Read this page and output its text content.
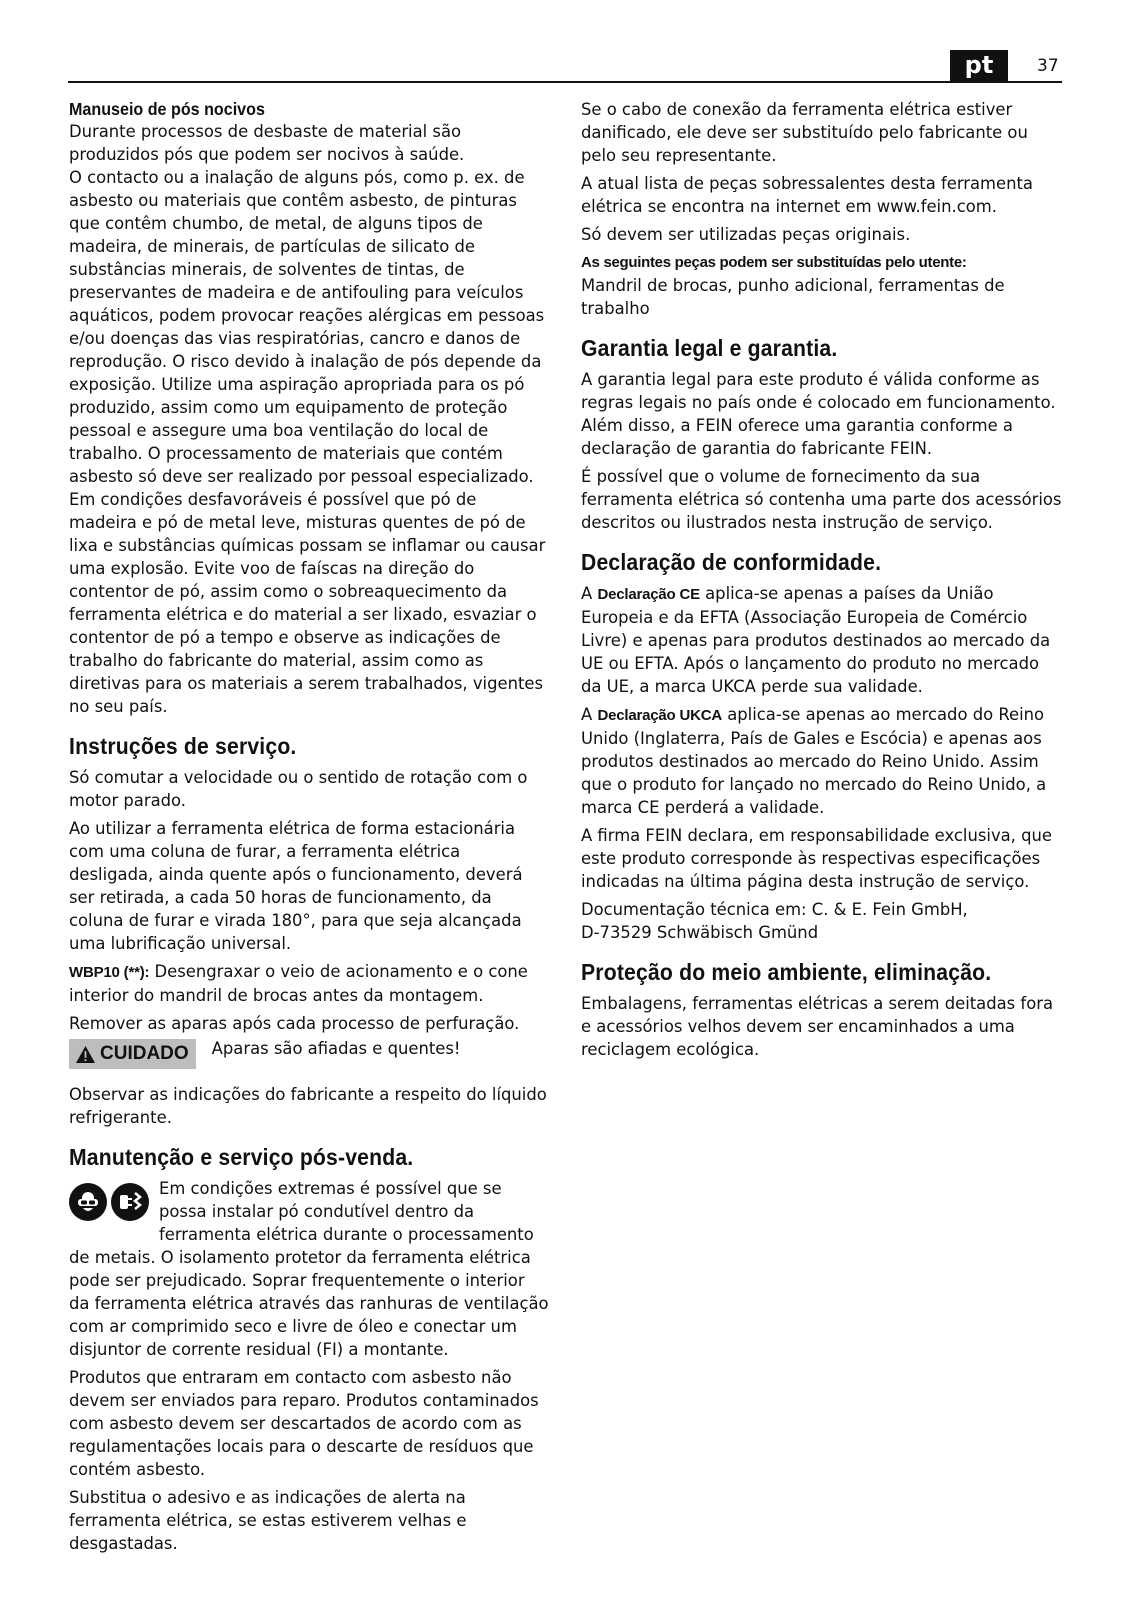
pt	37
Manuseio de pós nocivos

Durante processos de desbaste de material são produzidos pós que podem ser nocivos à saúde.

O contacto ou a inalação de alguns pós, como p. ex. de asbesto ou materiais que contêm asbesto, de pinturas que contêm chumbo, de metal, de alguns tipos de madeira, de minerais, de partículas de silicato de substâncias minerais, de solventes de tintas, de preservantes de madeira e de antifouling para veículos aquáticos, podem provocar reações alérgicas em pessoas e/ou doenças das vias respiratórias, cancro e danos de reprodução. O risco devido à inalação de pós depende da exposição. Utilize uma aspiração apropriada para os pó produzido, assim como um equipamento de proteção pessoal e assegure uma boa ventilação do local de trabalho. O processamento de materiais que contém asbesto só deve ser realizado por pessoal especializado. Em condições desfavoráveis é possível que pó de madeira e pó de metal leve, misturas quentes de pó de lixa e substâncias químicas possam se inflamar ou causar uma explosão. Evite voo de faíscas na direção do contentor de pó, assim como o sobreaquecimento da ferramenta elétrica e do material a ser lixado, esvaziar o contentor de pó a tempo e observe as indicações de trabalho do fabricante do material, assim como as diretivas para os materiais a serem trabalhados, vigentes no seu país.

Instruções de serviço.

Só comutar a velocidade ou o sentido de rotação com o motor parado.

Ao utilizar a ferramenta elétrica de forma estacionária com uma coluna de furar, a ferramenta elétrica desligada, ainda quente após o funcionamento, deverá ser retirada, a cada 50 horas de funcionamento, da coluna de furar e virada 180°, para que seja alcançada uma lubrificação universal.

WBP10 (**): Desengraxar o veio de acionamento e o cone interior do mandril de brocas antes da montagem.

Remover as aparas após cada processo de perfuração.

CUIDADO Aparas são afiadas e quentes!

Observar as indicações do fabricante a respeito do líquido refrigerante.

Manutenção e serviço pós-venda.

Em condições extremas é possível que se possa instalar pó condutível dentro da ferramenta elétrica durante o processamento de metais. O isolamento protetor da ferramenta elétrica pode ser prejudicado. Soprar frequentemente o interior da ferramenta elétrica através das ranhuras de ventilação com ar comprimido seco e livre de óleo e conectar um disjuntor de corrente residual (FI) a montante.

Produtos que entraram em contacto com asbesto não devem ser enviados para reparo. Produtos contaminados com asbesto devem ser descartados de acordo com as regulamentações locais para o descarte de resíduos que contém asbesto.

Substitua o adesivo e as indicações de alerta na ferramenta elétrica, se estas estiverem velhas e desgastadas.

Se o cabo de conexão da ferramenta elétrica estiver danificado, ele deve ser substituído pelo fabricante ou pelo seu representante.

A atual lista de peças sobressalentes desta ferramenta elétrica se encontra na internet em www.fein.com.

Só devem ser utilizadas peças originais.

As seguintes peças podem ser substituídas pelo utente:

Mandril de brocas, punho adicional, ferramentas de trabalho

Garantia legal e garantia.

A garantia legal para este produto é válida conforme as regras legais no país onde é colocado em funcionamento. Além disso, a FEIN oferece uma garantia conforme a declaração de garantia do fabricante FEIN.

É possível que o volume de fornecimento da sua ferramenta elétrica só contenha uma parte dos acessórios descritos ou ilustrados nesta instrução de serviço.

Declaração de conformidade.

A Declaração CE aplica-se apenas a países da União Europeia e da EFTA (Associação Europeia de Comércio Livre) e apenas para produtos destinados ao mercado da UE ou EFTA. Após o lançamento do produto no mercado da UE, a marca UKCA perde sua validade.

A Declaração UKCA aplica-se apenas ao mercado do Reino Unido (Inglaterra, País de Gales e Escócia) e apenas aos produtos destinados ao mercado do Reino Unido. Assim que o produto for lançado no mercado do Reino Unido, a marca CE perderá a validade.

A firma FEIN declara, em responsabilidade exclusiva, que este produto corresponde às respectivas especificações indicadas na última página desta instrução de serviço.

Documentação técnica em: C. & E. Fein GmbH,
D-73529 Schwäbisch Gmünd

Proteção do meio ambiente, eliminação.

Embalagens, ferramentas elétricas a serem deitadas fora e acessórios velhos devem ser encaminhados a uma reciclagem ecológica.
